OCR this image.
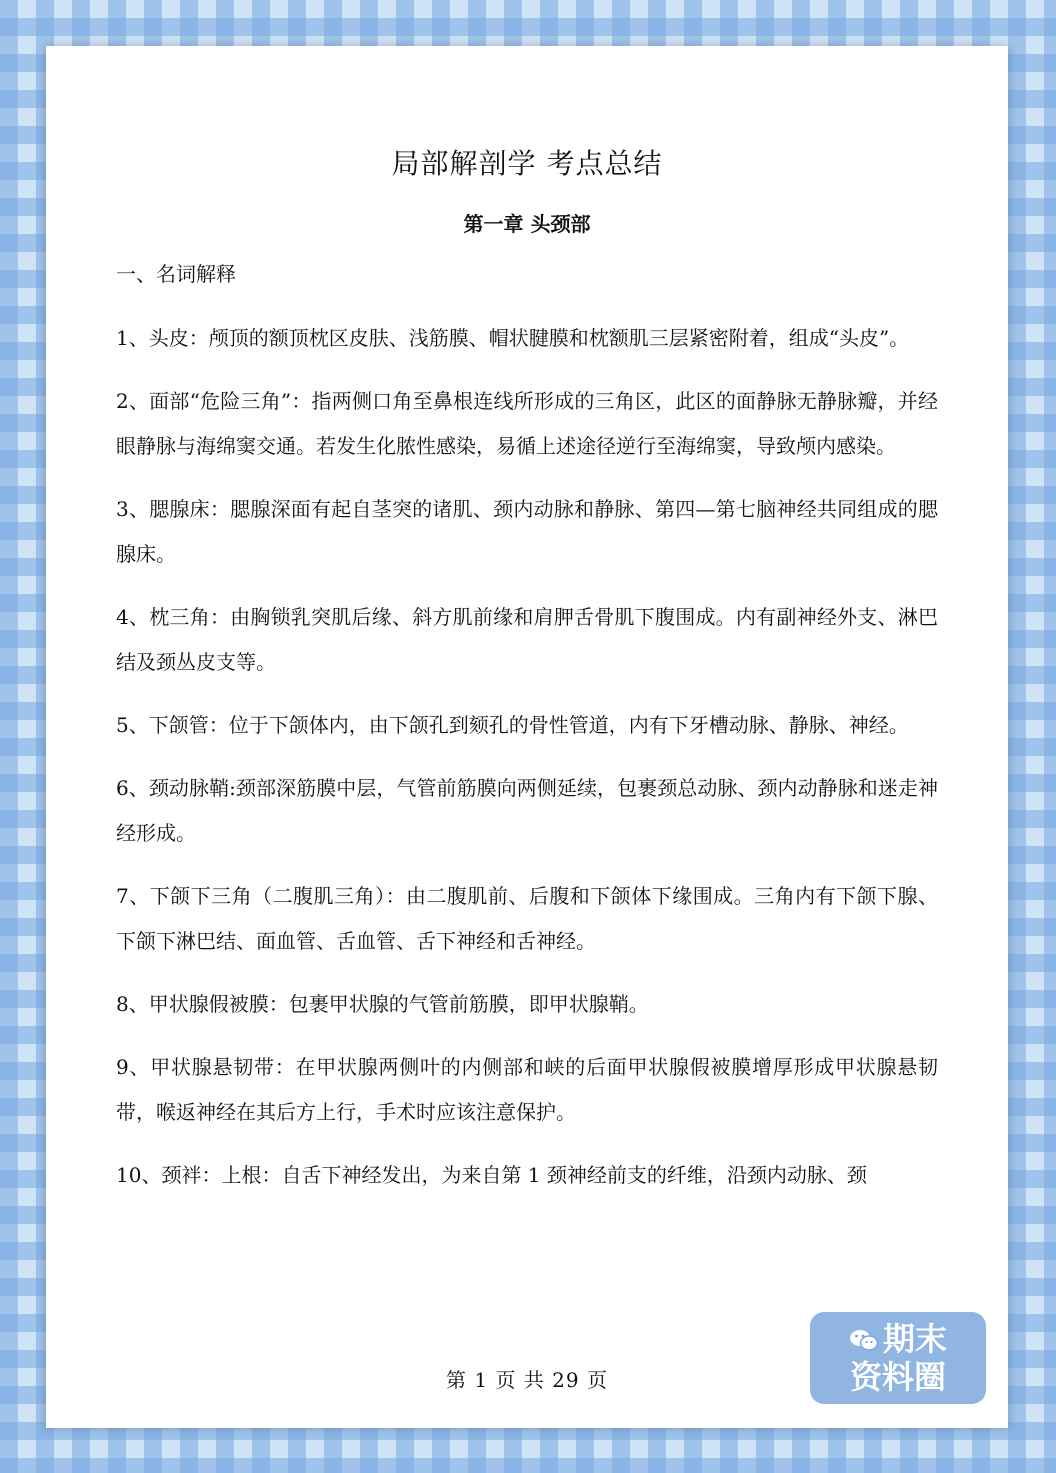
局部解剖学 考点总结
第一章 头颈部
一、名词解释

1、头皮：颅顶的额顶枕区皮肤、浅筋膜、帽状腱膜和枕额肌三层紧密附着，组成“头皮”。

2、面部“危险三角”：指两侧口角至鼻根连线所形成的三角区，此区的面静脉无静脉瓣，并经眼静脉与海绵窦交通。若发生化脓性感染，易循上述途径逆行至海绵窦，导致颅内感染。

3、腮腺床：腮腺深面有起自茎突的诸肌、颈内动脉和静脉、第四—第七脑神经共同组成的腮腺床。

4、枕三角：由胸锁乳突肌后缘、斜方肌前缘和肩胛舌骨肌下腹围成。内有副神经外支、淋巴结及颈丛皮支等。

5、下颌管：位于下颌体内，由下颌孔到颏孔的骨性管道，内有下牙槽动脉、静脉、神经。

6、颈动脉鞘:颈部深筋膜中层，气管前筋膜向两侧延续，包裹颈总动脉、颈内动静脉和迷走神经形成。

7、下颌下三角（二腹肌三角）：由二腹肌前、后腹和下颌体下缘围成。三角内有下颌下腺、下颌下淋巴结、面血管、舌血管、舌下神经和舌神经。

8、甲状腺假被膜：包裹甲状腺的气管前筋膜，即甲状腺鞘。

9、甲状腺悬韧带：在甲状腺两侧叶的内侧部和峡的后面甲状腺假被膜增厚形成甲状腺悬韧带，喉返神经在其后方上行，手术时应该注意保护。

10、颈袢：上根：自舌下神经发出，为来自第 1 颈神经前支的纤维，沿颈内动脉、颈

第 1 页 共 29 页
期末
资料圈
